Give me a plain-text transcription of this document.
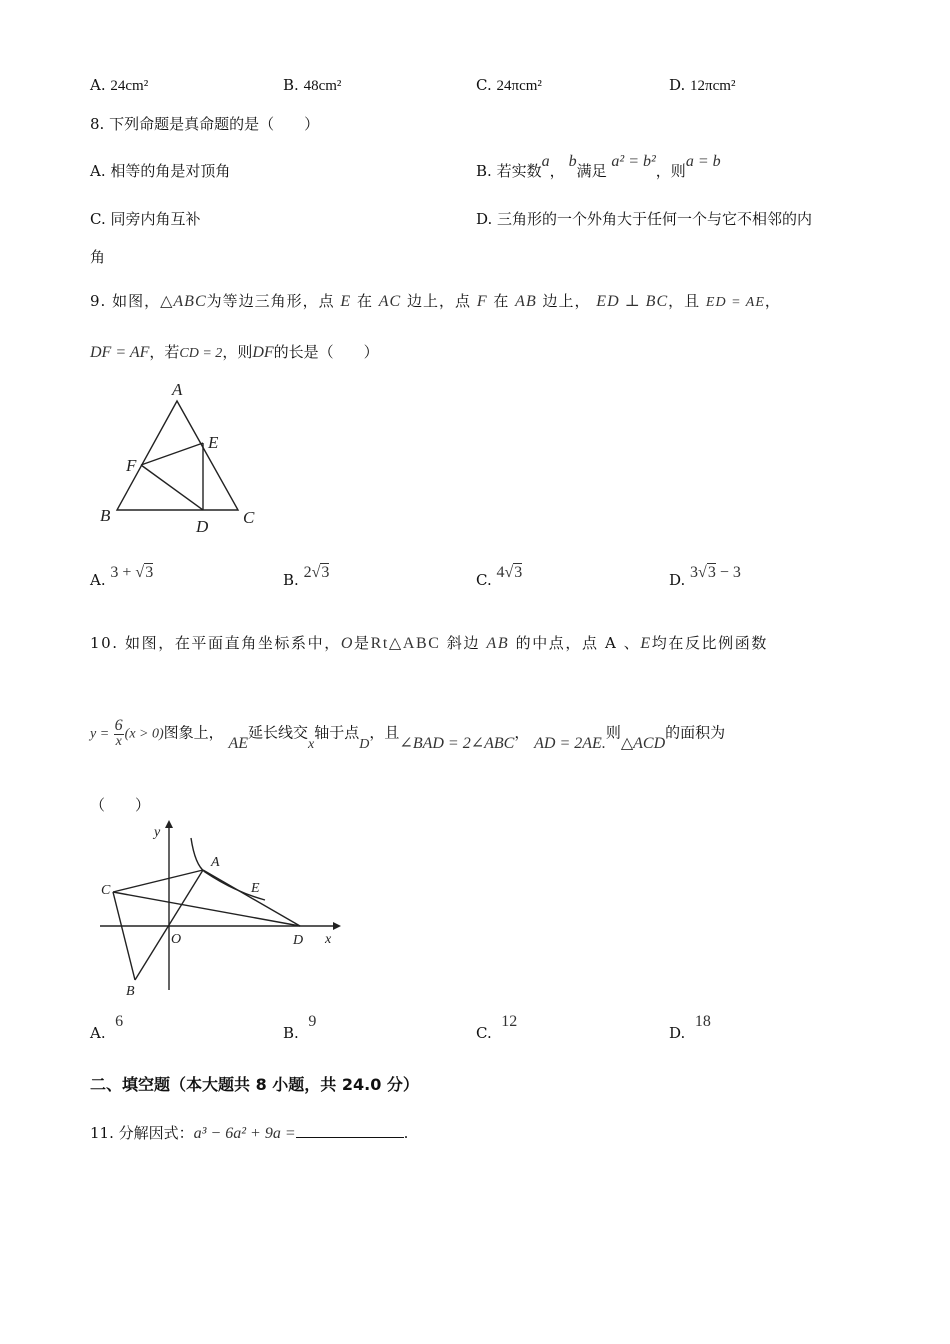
A. 24cm²	B. 48cm²	C. 24πcm²	D. 12πcm²
8. 下列命题是真命题的是（　　）
A. 相等的角是对顶角	B. 若实数a，b满足 a² = b²，则a = b
C. 同旁内角互补	D. 三角形的一个外角大于任何一个与它不相邻的内
角
9. 如图，△ABC为等边三角形，点 E 在 AC 边上，点 F 在 AB 边上， ED ⊥ BC，且 ED = AE，
DF = AF，若CD = 2，则DF的长是（　　）
A
B	C
D
E
F
A. 3 + √3	B. 2√3	C. 4√3	D. 3√3 − 3
10. 如图，在平面直角坐标系中，O是Rt△ABC 斜边 AB 的中点，点 A 、E均在反比例函数
$y = \frac{6}{x} (x > 0)$图象上， AE延长线交x轴于点D，且∠BAD = 2∠ABC， AD = 2AE.则△ACD的面积为
（　　）
y
x
A
E
C
O	D
B
A.  6
B.  9
C.  12
D.  18
二、填空题（本大题共 8 小题，共 24.0 分）
11. 分解因式：a³ − 6a² + 9a =	.
